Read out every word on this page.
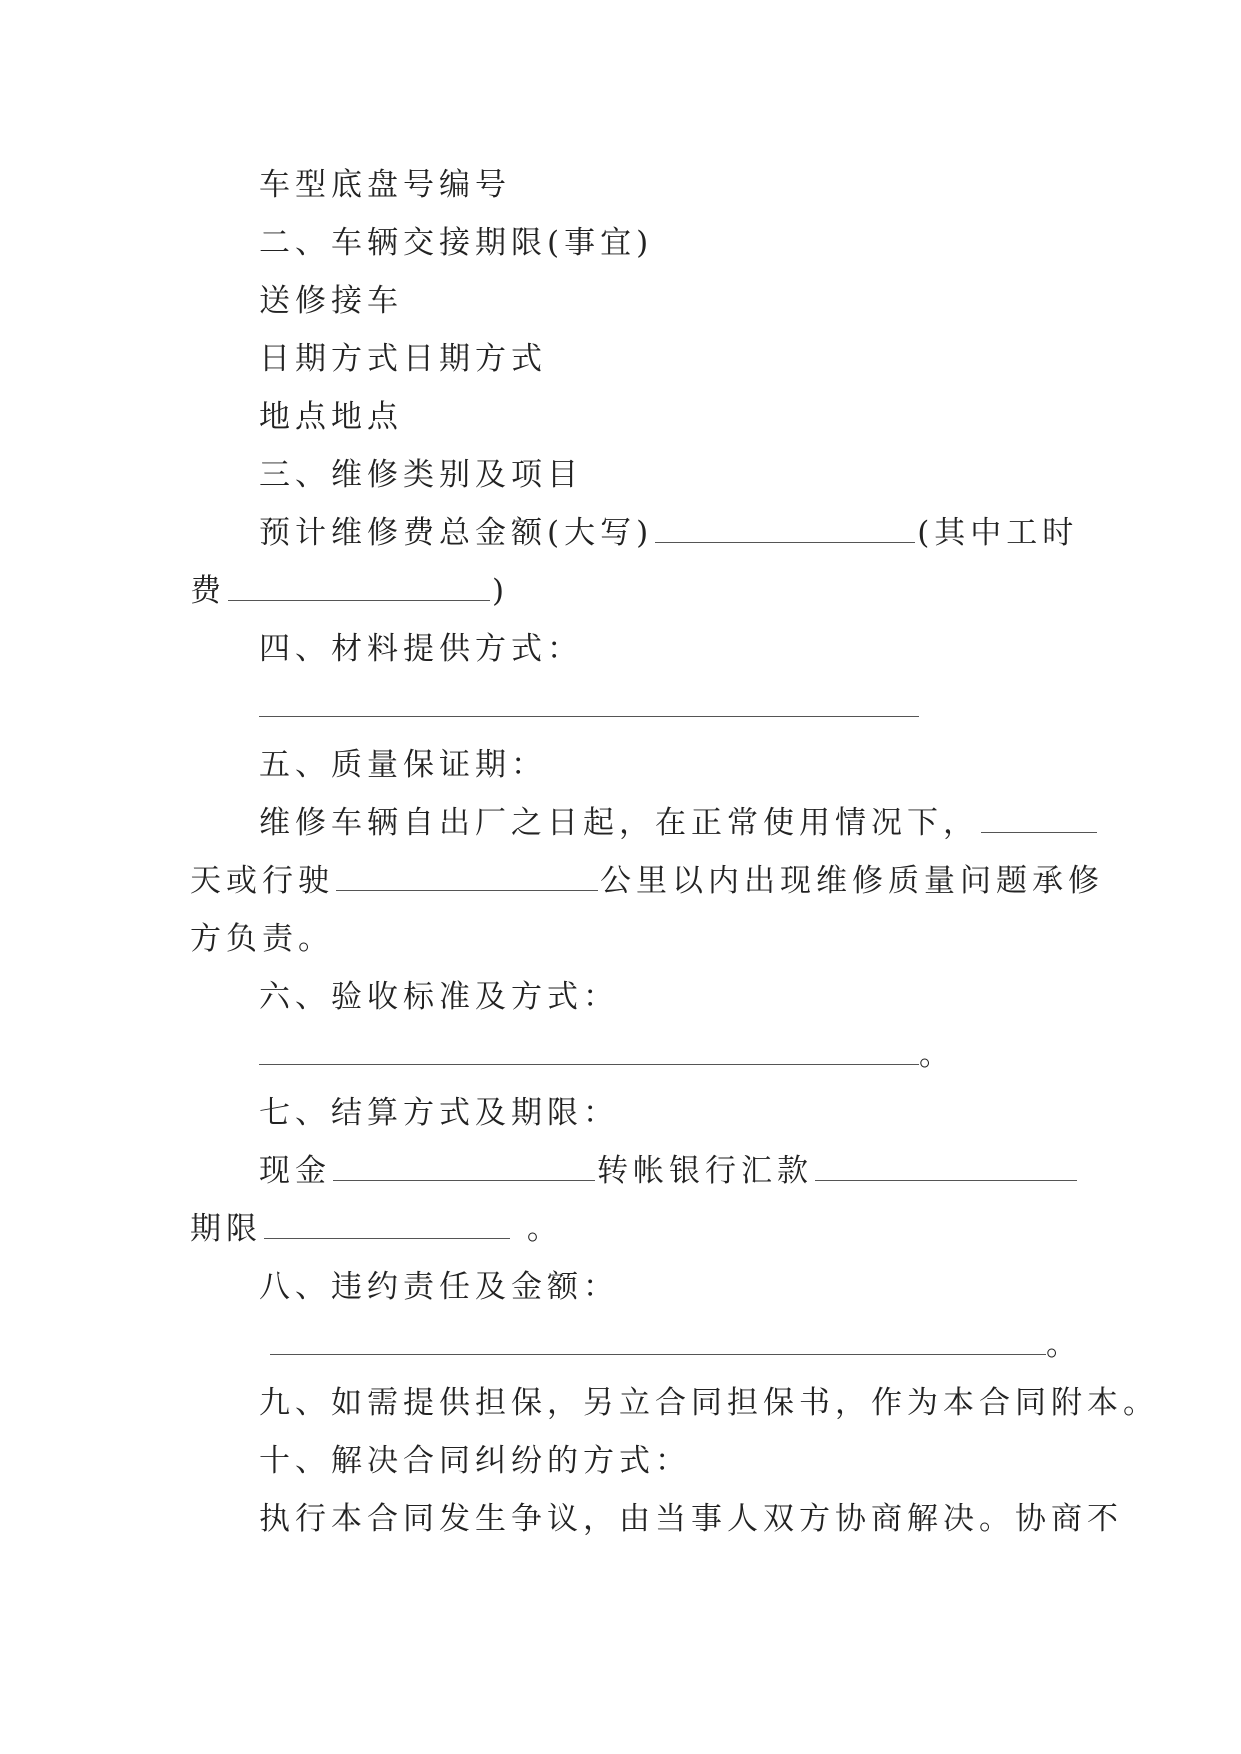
车型底盘号编号
二、车辆交接期限(事宜)
送修接车
日期方式日期方式
地点地点
三、维修类别及项目
预计维修费总金额(大写)	(其中工时
费	)
四、材料提供方式：
五、质量保证期：
维修车辆自出厂之日起，在正常使用情况下，
天或行驶	公里以内出现维修质量问题承修
方负责。
六、验收标准及方式：
。
七、结算方式及期限：
现金	转帐银行汇款
期限	。
八、违约责任及金额：
。
九、如需提供担保，另立合同担保书，作为本合同附本。
十、解决合同纠纷的方式：
执行本合同发生争议，由当事人双方协商解决。协商不
